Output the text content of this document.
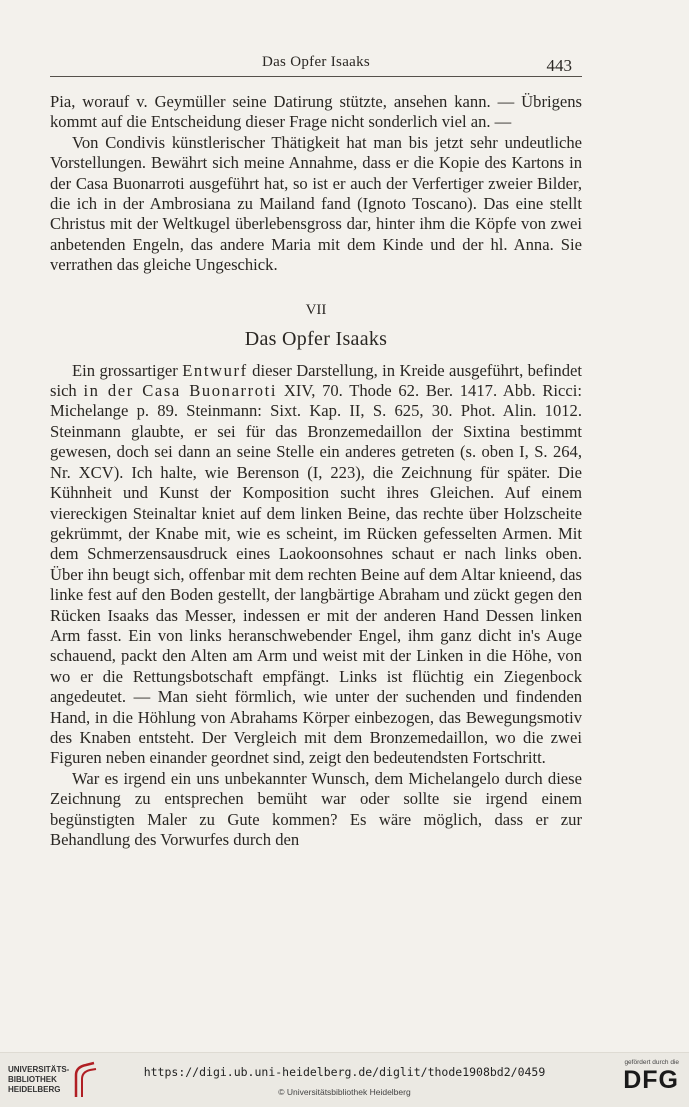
Das Opfer Isaaks	443

Pia, worauf v. Geymüller seine Datirung stützte, ansehen kann. — Übrigens kommt auf die Entscheidung dieser Frage nicht sonderlich viel an. —

Von Condivis künstlerischer Thätigkeit hat man bis jetzt sehr undeutliche Vorstellungen. Bewährt sich meine Annahme, dass er die Kopie des Kartons in der Casa Buonarroti ausgeführt hat, so ist er auch der Verfertiger zweier Bilder, die ich in der Ambrosiana zu Mailand fand (Ignoto Toscano). Das eine stellt Christus mit der Weltkugel überlebensgross dar, hinter ihm die Köpfe von zwei anbetenden Engeln, das andere Maria mit dem Kinde und der hl. Anna. Sie verrathen das gleiche Ungeschick.

VII
Das Opfer Isaaks

Ein grossartiger Entwurf dieser Darstellung, in Kreide ausgeführt, befindet sich in der Casa Buonarroti XIV, 70. Thode 62. Ber. 1417. Abb. Ricci: Michelange p. 89. Steinmann: Sixt. Kap. II, S. 625, 30. Phot. Alin. 1012. Steinmann glaubte, er sei für das Bronzemedaillon der Sixtina bestimmt gewesen, doch sei dann an seine Stelle ein anderes getreten (s. oben I, S. 264, Nr. XCV). Ich halte, wie Berenson (I, 223), die Zeichnung für später. Die Kühnheit und Kunst der Komposition sucht ihres Gleichen. Auf einem viereckigen Steinaltar kniet auf dem linken Beine, das rechte über Holzscheite gekrümmt, der Knabe mit, wie es scheint, im Rücken gefesselten Armen. Mit dem Schmerzensausdruck eines Laokoonsohnes schaut er nach links oben. Über ihn beugt sich, offenbar mit dem rechten Beine auf dem Altar knieend, das linke fest auf den Boden gestellt, der langbärtige Abraham und zückt gegen den Rücken Isaaks das Messer, indessen er mit der anderen Hand Dessen linken Arm fasst. Ein von links heranschwebender Engel, ihm ganz dicht in's Auge schauend, packt den Alten am Arm und weist mit der Linken in die Höhe, von wo er die Rettungsbotschaft empfängt. Links ist flüchtig ein Ziegenbock angedeutet. — Man sieht förmlich, wie unter der suchenden und findenden Hand, in die Höhlung von Abrahams Körper einbezogen, das Bewegungsmotiv des Knaben entsteht. Der Vergleich mit dem Bronzemedaillon, wo die zwei Figuren neben einander geordnet sind, zeigt den bedeutendsten Fortschritt.

War es irgend ein uns unbekannter Wunsch, dem Michelangelo durch diese Zeichnung zu entsprechen bemüht war oder sollte sie irgend einem begünstigten Maler zu Gute kommen? Es wäre möglich, dass er zur Behandlung des Vorwurfes durch den

UNIVERSITÄTS-
BIBLIOTHEK
HEIDELBERG
https://digi.ub.uni-heidelberg.de/diglit/thode1908bd2/0459
© Universitätsbibliothek Heidelberg
gefördert durch die
DFG
